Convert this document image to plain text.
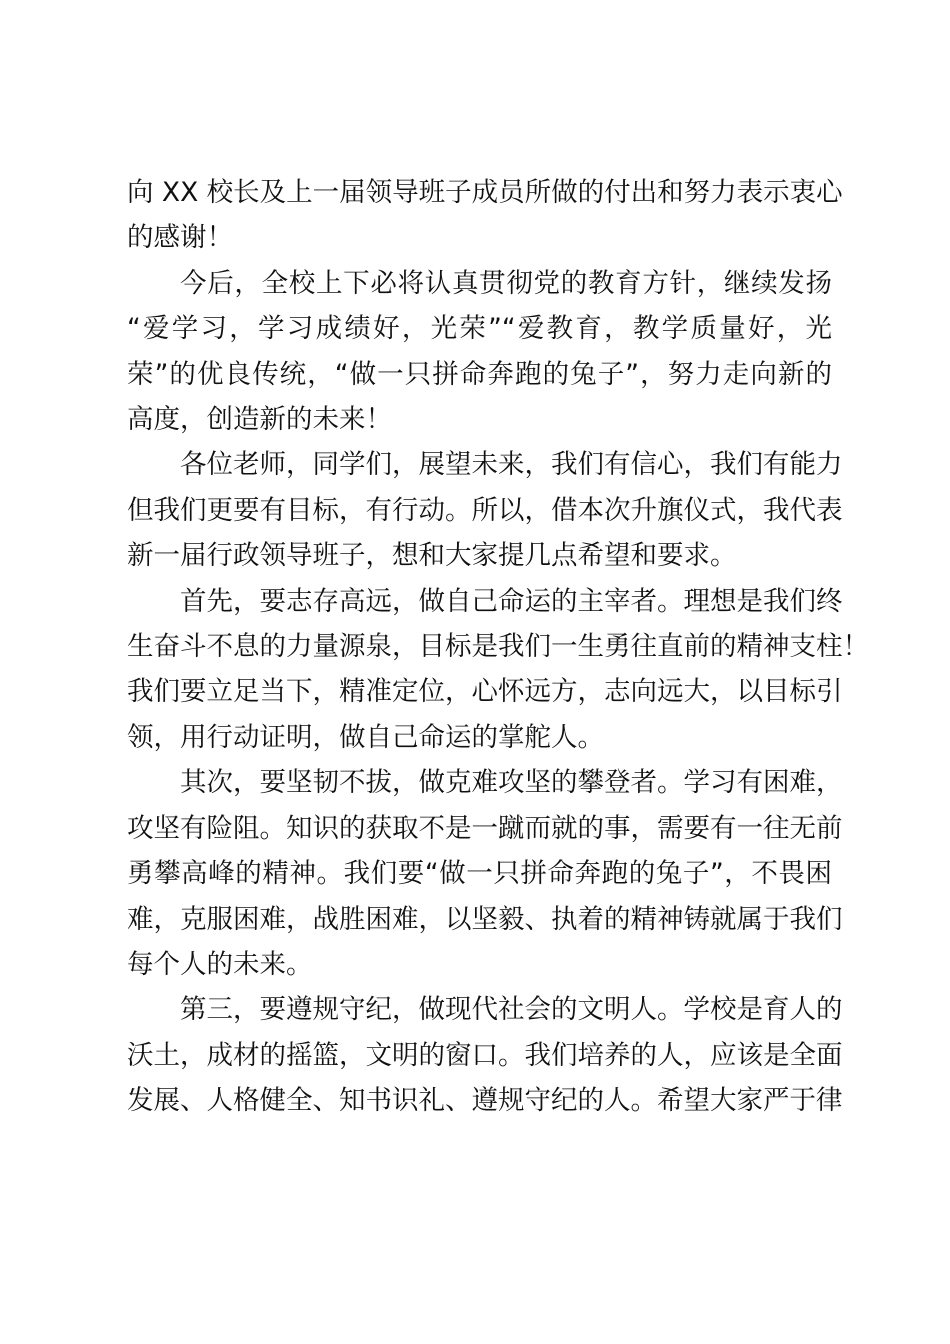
向 XX 校长及上一届领导班子成员所做的付出和努力表示衷心
的感谢！
今后，全校上下必将认真贯彻党的教育方针，继续发扬
“爱学习，学习成绩好，光荣”“爱教育，教学质量好，光
荣”的优良传统，“做一只拼命奔跑的兔子”，努力走向新的
高度，创造新的未来！
各位老师，同学们，展望未来，我们有信心，我们有能力
但我们更要有目标，有行动。所以，借本次升旗仪式，我代表
新一届行政领导班子，想和大家提几点希望和要求。
首先，要志存高远，做自己命运的主宰者。理想是我们终
生奋斗不息的力量源泉，目标是我们一生勇往直前的精神支柱！
我们要立足当下，精准定位，心怀远方，志向远大，以目标引
领，用行动证明，做自己命运的掌舵人。
其次，要坚韧不拔，做克难攻坚的攀登者。学习有困难，
攻坚有险阻。知识的获取不是一蹴而就的事，需要有一往无前
勇攀高峰的精神。我们要“做一只拼命奔跑的兔子”，不畏困
难，克服困难，战胜困难，以坚毅、执着的精神铸就属于我们
每个人的未来。
第三，要遵规守纪，做现代社会的文明人。学校是育人的
沃土，成材的摇篮，文明的窗口。我们培养的人，应该是全面
发展、人格健全、知书识礼、遵规守纪的人。希望大家严于律
